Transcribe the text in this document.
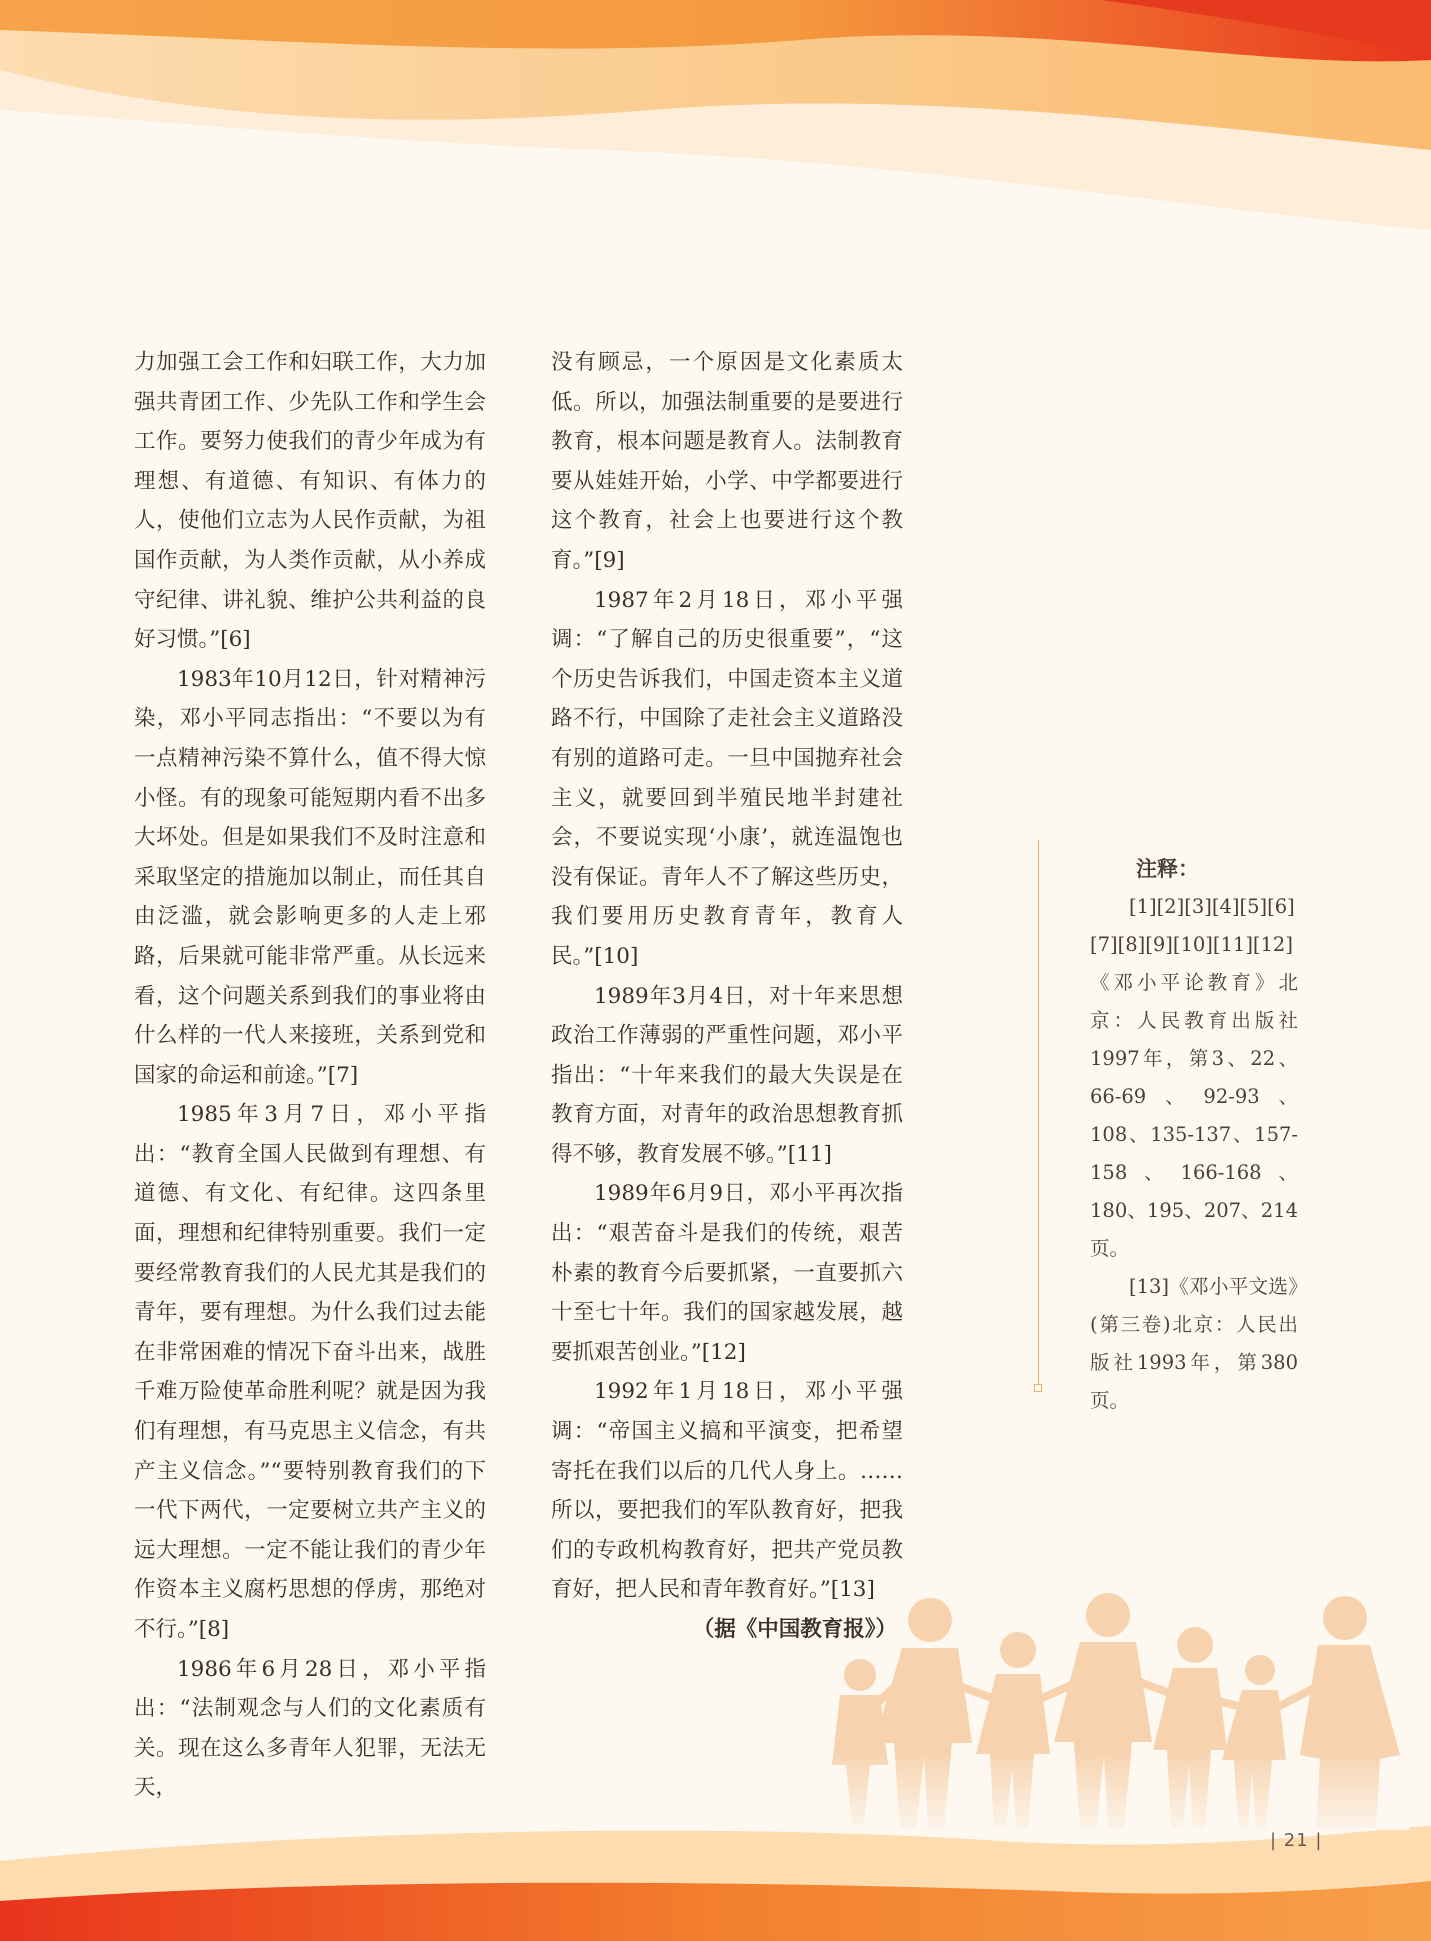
力加强工会工作和妇联工作，大力加强共青团工作、少先队工作和学生会工作。要努力使我们的青少年成为有理想、有道德、有知识、有体力的人，使他们立志为人民作贡献，为祖国作贡献，为人类作贡献，从小养成守纪律、讲礼貌、维护公共利益的良好习惯。”[6]

1983年10月12日，针对精神污染，邓小平同志指出：“不要以为有一点精神污染不算什么，值不得大惊小怪。有的现象可能短期内看不出多大坏处。但是如果我们不及时注意和采取坚定的措施加以制止，而任其自由泛滥，就会影响更多的人走上邪路，后果就可能非常严重。从长远来看，这个问题关系到我们的事业将由什么样的一代人来接班，关系到党和国家的命运和前途。”[7]

1985年3月7日，邓小平指出：“教育全国人民做到有理想、有道德、有文化、有纪律。这四条里面，理想和纪律特别重要。我们一定要经常教育我们的人民尤其是我们的青年，要有理想。为什么我们过去能在非常困难的情况下奋斗出来，战胜千难万险使革命胜利呢？就是因为我们有理想，有马克思主义信念，有共产主义信念。”“要特别教育我们的下一代下两代，一定要树立共产主义的远大理想。一定不能让我们的青少年作资本主义腐朽思想的俘虏，那绝对不行。”[8]

1986年6月28日，邓小平指出：“法制观念与人们的文化素质有关。现在这么多青年人犯罪，无法无天，

没有顾忌，一个原因是文化素质太低。所以，加强法制重要的是要进行教育，根本问题是教育人。法制教育要从娃娃开始，小学、中学都要进行这个教育，社会上也要进行这个教育。”[9]

1987年2月18日，邓小平强调：“了解自己的历史很重要”，“这个历史告诉我们，中国走资本主义道路不行，中国除了走社会主义道路没有别的道路可走。一旦中国抛弃社会主义，就要回到半殖民地半封建社会，不要说实现‘小康’，就连温饱也没有保证。青年人不了解这些历史，我们要用历史教育青年，教育人民。”[10]

1989年3月4日，对十年来思想政治工作薄弱的严重性问题，邓小平指出：“十年来我们的最大失误是在教育方面，对青年的政治思想教育抓得不够，教育发展不够。”[11]

1989年6月9日，邓小平再次指出：“艰苦奋斗是我们的传统，艰苦朴素的教育今后要抓紧，一直要抓六十至七十年。我们的国家越发展，越要抓艰苦创业。”[12]

1992年1月18日，邓小平强调：“帝国主义搞和平演变，把希望寄托在我们以后的几代人身上。……所以，要把我们的军队教育好，把我们的专政机构教育好，把共产党员教育好，把人民和青年教育好。”[13]

（据《中国教育报》）
注释：

[1][2][3][4][5][6][7][8][9][10][11][12]《邓小平论教育》北京：人民教育出版社1997年，第3、22、66-69、92-93、108、135-137、157-158、166-168、180、195、207、214页。

[13]《邓小平文选》(第三卷)北京：人民出版社1993年，第380页。

| 21 |
